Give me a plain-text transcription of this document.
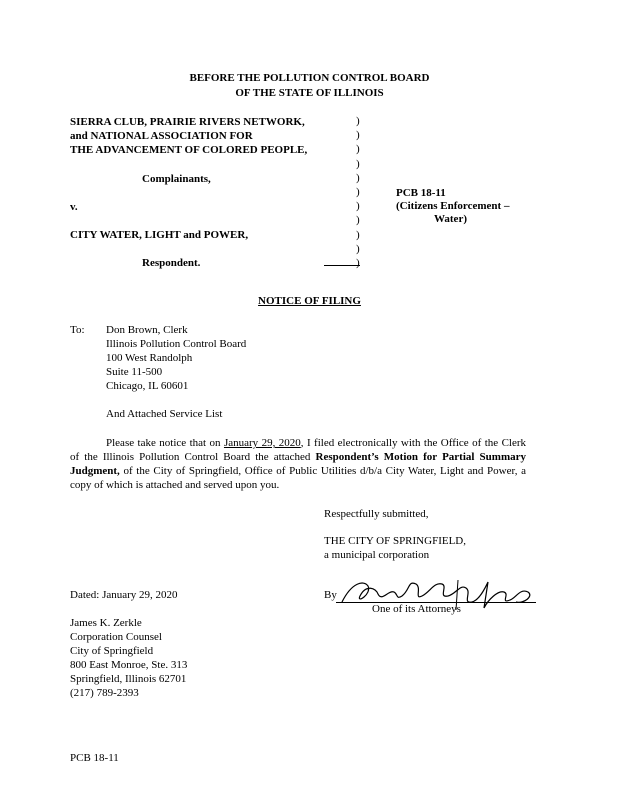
BEFORE THE POLLUTION CONTROL BOARD
OF THE STATE OF ILLINOIS
SIERRA CLUB, PRAIRIE RIVERS NETWORK,
and NATIONAL ASSOCIATION FOR
THE ADVANCEMENT OF COLORED PEOPLE,
Complainants,
v.
CITY WATER, LIGHT and POWER,
Respondent.
)
)
)
)
)
)
)
)
)
)
)
PCB 18-11
(Citizens Enforcement –
Water)
NOTICE OF FILING
To: Don Brown, Clerk
Illinois Pollution Control Board
100 West Randolph
Suite 11-500
Chicago, IL 60601
And Attached Service List
Please take notice that on January 29, 2020, I filed electronically with the Office of the Clerk of the Illinois Pollution Control Board the attached Respondent’s Motion for Partial Summary Judgment, of the City of Springfield, Office of Public Utilities d/b/a City Water, Light and Power, a copy of which is attached and served upon you.
Respectfully submitted,
THE CITY OF SPRINGFIELD,
a municipal corporation
Dated: January 29, 2020	By
One of its Attorneys
James K. Zerkle
Corporation Counsel
City of Springfield
800 East Monroe, Ste. 313
Springfield, Illinois 62701
(217) 789-2393
PCB 18-11
